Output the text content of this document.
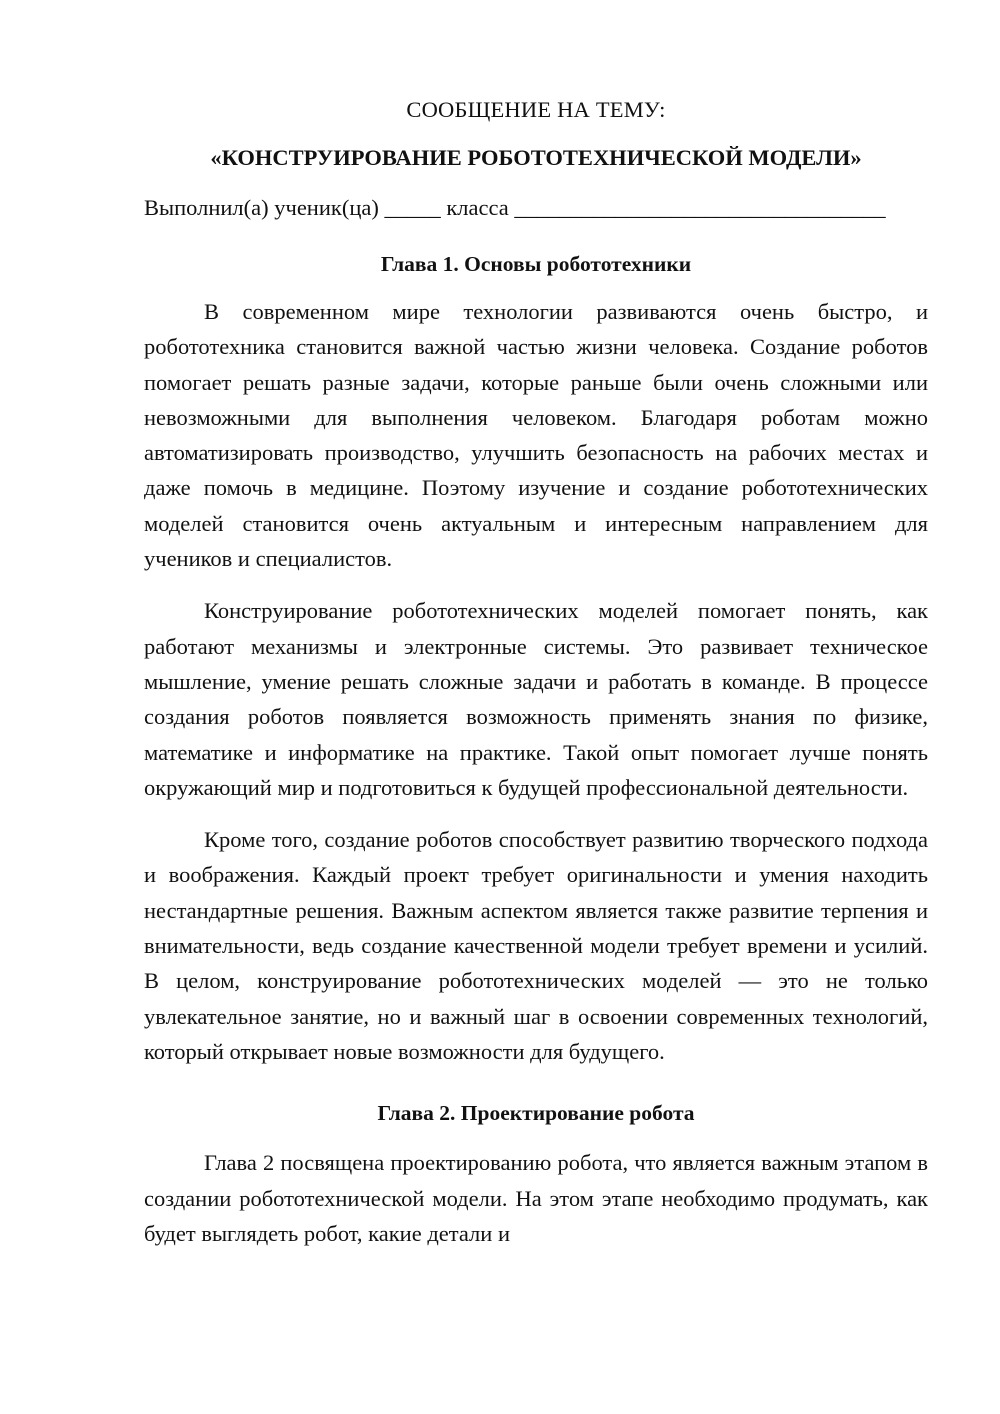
СООБЩЕНИЕ НА ТЕМУ:

«КОНСТРУИРОВАНИЕ РОБОТОТЕХНИЧЕСКОЙ МОДЕЛИ»

Выполнил(а) ученик(ца) _____ класса _________________________________

Глава 1. Основы робототехники

В современном мире технологии развиваются очень быстро, и робототехника становится важной частью жизни человека. Создание роботов помогает решать разные задачи, которые раньше были очень сложными или невозможными для выполнения человеком. Благодаря роботам можно автоматизировать производство, улучшить безопасность на рабочих местах и даже помочь в медицине. Поэтому изучение и создание робототехнических моделей становится очень актуальным и интересным направлением для учеников и специалистов.

Конструирование робототехнических моделей помогает понять, как работают механизмы и электронные системы. Это развивает техническое мышление, умение решать сложные задачи и работать в команде. В процессе создания роботов появляется возможность применять знания по физике, математике и информатике на практике. Такой опыт помогает лучше понять окружающий мир и подготовиться к будущей профессиональной деятельности.

Кроме того, создание роботов способствует развитию творческого подхода и воображения. Каждый проект требует оригинальности и умения находить нестандартные решения. Важным аспектом является также развитие терпения и внимательности, ведь создание качественной модели требует времени и усилий. В целом, конструирование робототехнических моделей — это не только увлекательное занятие, но и важный шаг в освоении современных технологий, который открывает новые возможности для будущего.

Глава 2. Проектирование робота

Глава 2 посвящена проектированию робота, что является важным этапом в создании робототехнической модели. На этом этапе необходимо продумать, как будет выглядеть робот, какие детали и
